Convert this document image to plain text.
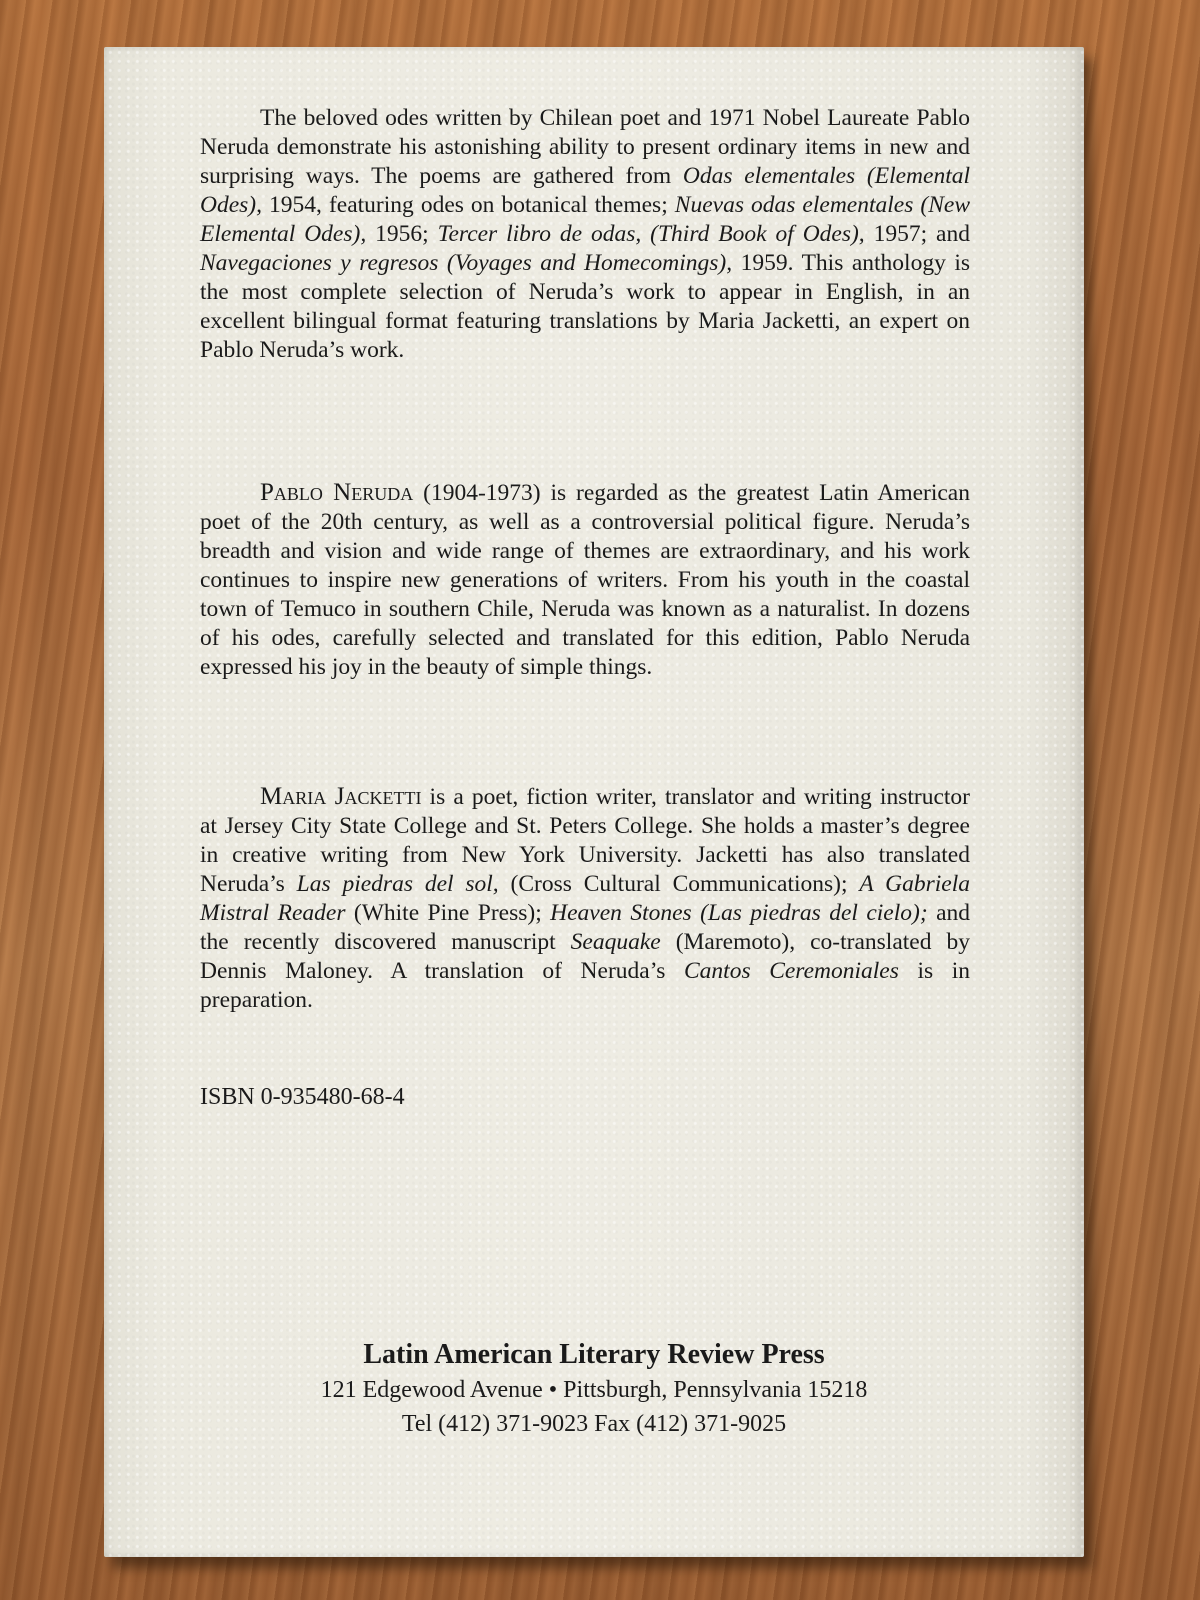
The beloved odes written by Chilean poet and 1971 Nobel Laureate Pablo Neruda demonstrate his astonishing ability to present ordinary items in new and surprising ways. The poems are gathered from Odas elementales (Elemental Odes), 1954, featuring odes on botanical themes; Nuevas odas elementales (New Elemental Odes), 1956; Tercer libro de odas, (Third Book of Odes), 1957; and Navegaciones y regresos (Voyages and Homecomings), 1959. This anthology is the most complete selection of Neruda’s work to appear in English, in an excellent bilingual format featuring translations by Maria Jacketti, an expert on Pablo Neruda’s work.

Pablo Neruda (1904-1973) is regarded as the greatest Latin American poet of the 20th century, as well as a controversial political figure. Neruda’s breadth and vision and wide range of themes are extraordinary, and his work continues to inspire new generations of writers. From his youth in the coastal town of Temuco in southern Chile, Neruda was known as a naturalist. In dozens of his odes, carefully selected and translated for this edition, Pablo Neruda expressed his joy in the beauty of simple things.

Maria Jacketti is a poet, fiction writer, translator and writing instructor at Jersey City State College and St. Peters College. She holds a master’s degree in creative writing from New York University. Jacketti has also translated Neruda’s Las piedras del sol, (Cross Cultural Communications); A Gabriela Mistral Reader (White Pine Press); Heaven Stones (Las piedras del cielo); and the recently discovered manuscript Seaquake (Maremoto), co-translated by Dennis Maloney. A translation of Neruda’s Cantos Ceremoniales is in preparation.

ISBN 0-935480-68-4

Latin American Literary Review Press

121 Edgewood Avenue • Pittsburgh, Pennsylvania 15218

Tel (412) 371-9023 Fax (412) 371-9025
